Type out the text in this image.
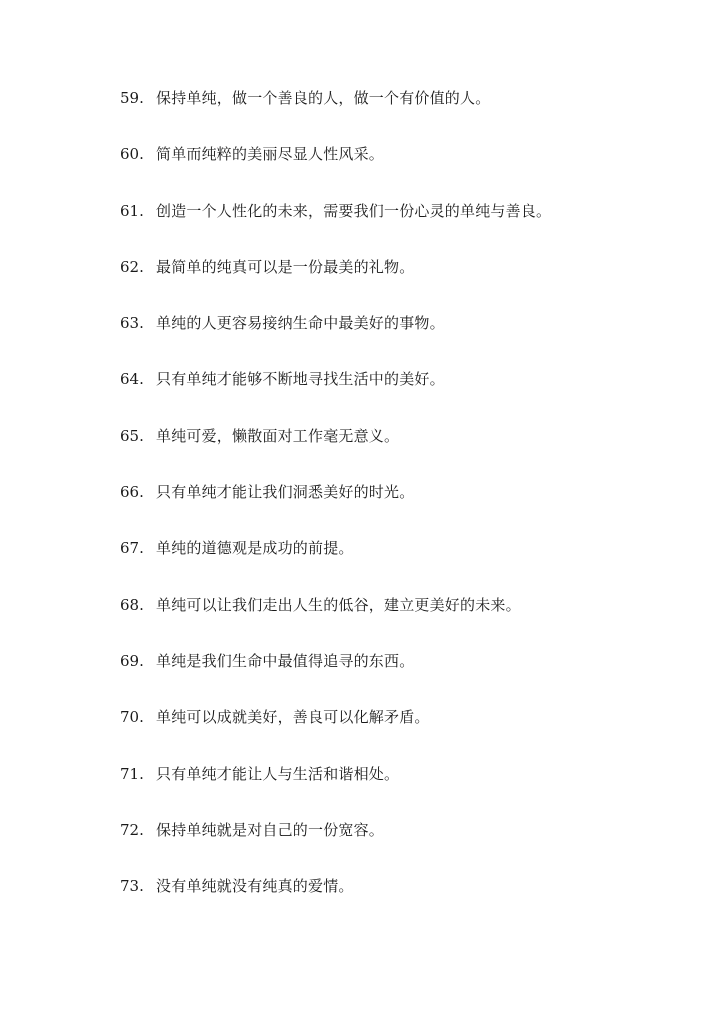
59. 保持单纯，做一个善良的人，做一个有价值的人。
60. 简单而纯粹的美丽尽显人性风采。
61. 创造一个人性化的未来，需要我们一份心灵的单纯与善良。
62. 最简单的纯真可以是一份最美的礼物。
63. 单纯的人更容易接纳生命中最美好的事物。
64. 只有单纯才能够不断地寻找生活中的美好。
65. 单纯可爱，懒散面对工作毫无意义。
66. 只有单纯才能让我们洞悉美好的时光。
67. 单纯的道德观是成功的前提。
68. 单纯可以让我们走出人生的低谷，建立更美好的未来。
69. 单纯是我们生命中最值得追寻的东西。
70. 单纯可以成就美好，善良可以化解矛盾。
71. 只有单纯才能让人与生活和谐相处。
72. 保持单纯就是对自己的一份宽容。
73. 没有单纯就没有纯真的爱情。
